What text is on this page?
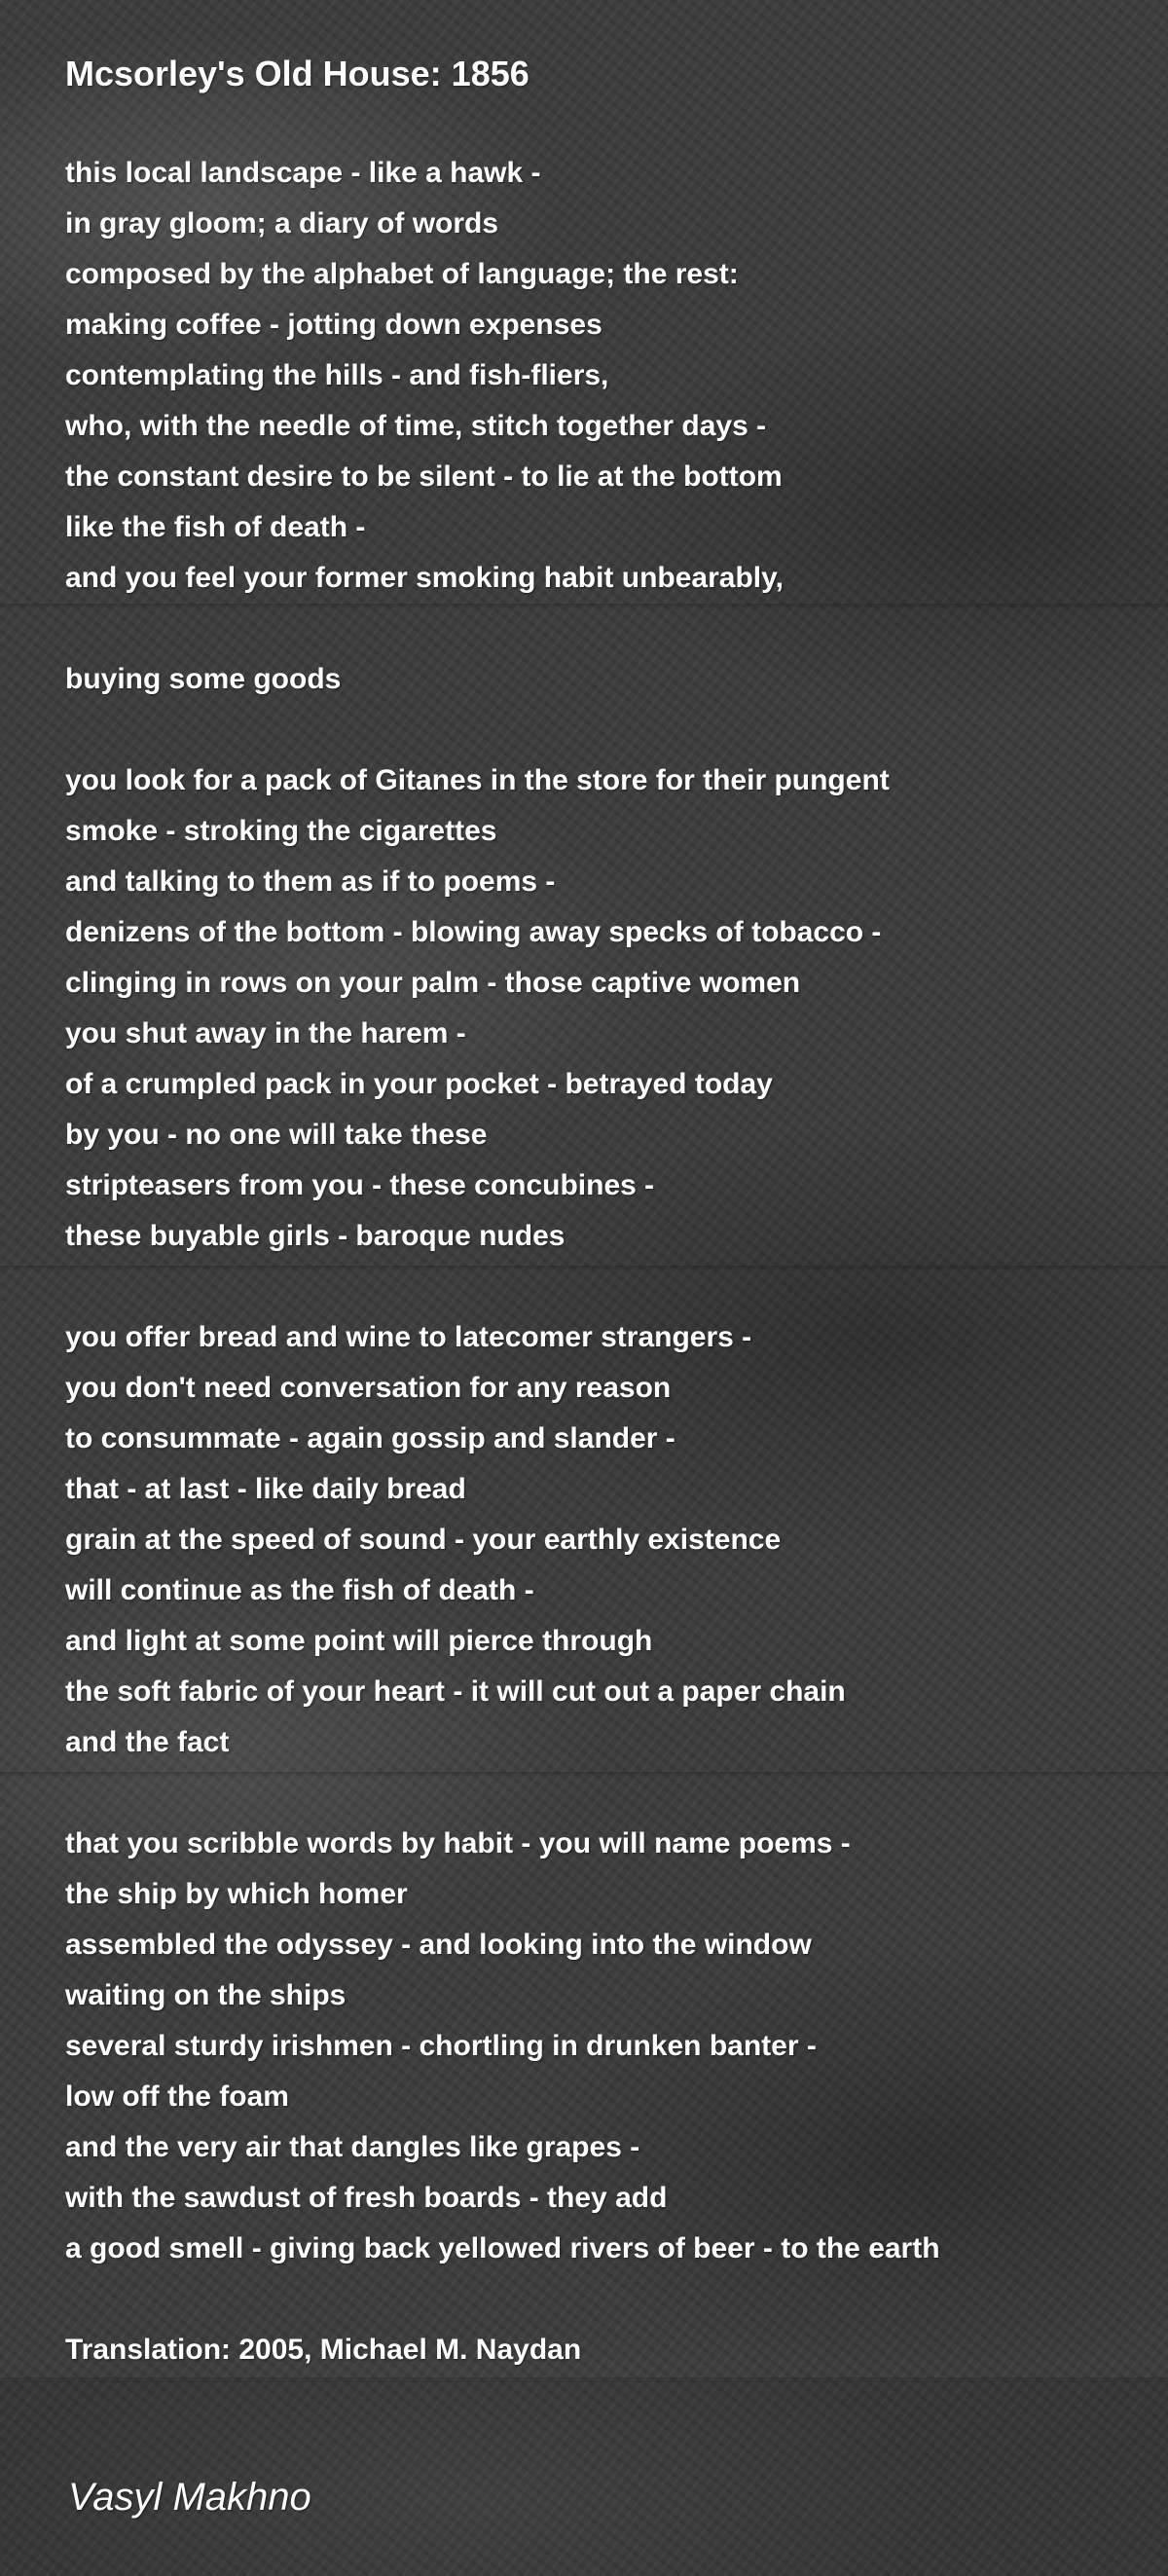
Mcsorley's Old House: 1856
this local landscape - like a hawk -
in gray gloom; a diary of words
composed by the alphabet of language; the rest:
making coffee - jotting down expenses
contemplating the hills - and fish-fliers,
who, with the needle of time, stitch together days -
the constant desire to be silent - to lie at the bottom
like the fish of death -
and you feel your former smoking habit unbearably,
buying some goods
you look for a pack of Gitanes in the store for their pungent
smoke - stroking the cigarettes
and talking to them as if to poems -
denizens of the bottom - blowing away specks of tobacco -
clinging in rows on your palm - those captive women
you shut away in the harem -
of a crumpled pack in your pocket - betrayed today
by you - no one will take these
stripteasers from you - these concubines -
these buyable girls - baroque nudes
you offer bread and wine to latecomer strangers -
you don't need conversation for any reason
to consummate - again gossip and slander -
that - at last - like daily bread
grain at the speed of sound - your earthly existence
will continue as the fish of death -
and light at some point will pierce through
the soft fabric of your heart - it will cut out a paper chain
and the fact
that you scribble words by habit - you will name poems -
the ship by which homer
assembled the odyssey - and looking into the window
waiting on the ships
several sturdy irishmen - chortling in drunken banter -
low off the foam
and the very air that dangles like grapes -
with the sawdust of fresh boards - they add
a good smell - giving back yellowed rivers of beer - to the earth
Translation: 2005, Michael M. Naydan
Vasyl Makhno
